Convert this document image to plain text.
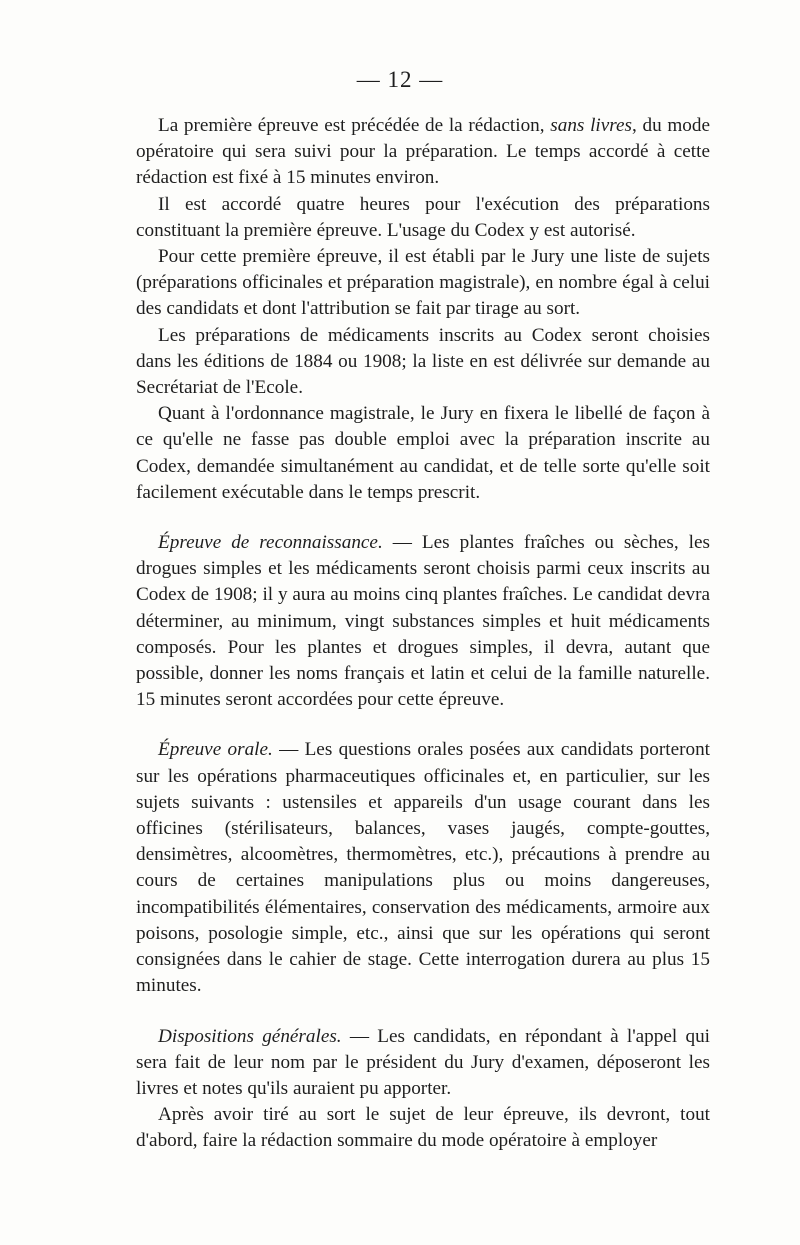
— 12 —

La première épreuve est précédée de la rédaction, sans livres, du mode opératoire qui sera suivi pour la préparation. Le temps accordé à cette rédaction est fixé à 15 minutes environ.

Il est accordé quatre heures pour l'exécution des préparations constituant la première épreuve. L'usage du Codex y est autorisé.

Pour cette première épreuve, il est établi par le Jury une liste de sujets (préparations officinales et préparation magistrale), en nombre égal à celui des candidats et dont l'attribution se fait par tirage au sort.

Les préparations de médicaments inscrits au Codex seront choisies dans les éditions de 1884 ou 1908; la liste en est délivrée sur demande au Secrétariat de l'Ecole.

Quant à l'ordonnance magistrale, le Jury en fixera le libellé de façon à ce qu'elle ne fasse pas double emploi avec la préparation inscrite au Codex, demandée simultanément au candidat, et de telle sorte qu'elle soit facilement exécutable dans le temps prescrit.

Épreuve de reconnaissance. — Les plantes fraîches ou sèches, les drogues simples et les médicaments seront choisis parmi ceux inscrits au Codex de 1908; il y aura au moins cinq plantes fraîches. Le candidat devra déterminer, au minimum, vingt substances simples et huit médicaments composés. Pour les plantes et drogues simples, il devra, autant que possible, donner les noms français et latin et celui de la famille naturelle. 15 minutes seront accordées pour cette épreuve.

Épreuve orale. — Les questions orales posées aux candidats porteront sur les opérations pharmaceutiques officinales et, en particulier, sur les sujets suivants : ustensiles et appareils d'un usage courant dans les officines (stérilisateurs, balances, vases jaugés, compte-gouttes, densimètres, alcoomètres, thermomètres, etc.), précautions à prendre au cours de certaines manipulations plus ou moins dangereuses, incompatibilités élémentaires, conservation des médicaments, armoire aux poisons, posologie simple, etc., ainsi que sur les opérations qui seront consignées dans le cahier de stage. Cette interrogation durera au plus 15 minutes.

Dispositions générales. — Les candidats, en répondant à l'appel qui sera fait de leur nom par le président du Jury d'examen, déposeront les livres et notes qu'ils auraient pu apporter.

Après avoir tiré au sort le sujet de leur épreuve, ils devront, tout d'abord, faire la rédaction sommaire du mode opératoire à employer
